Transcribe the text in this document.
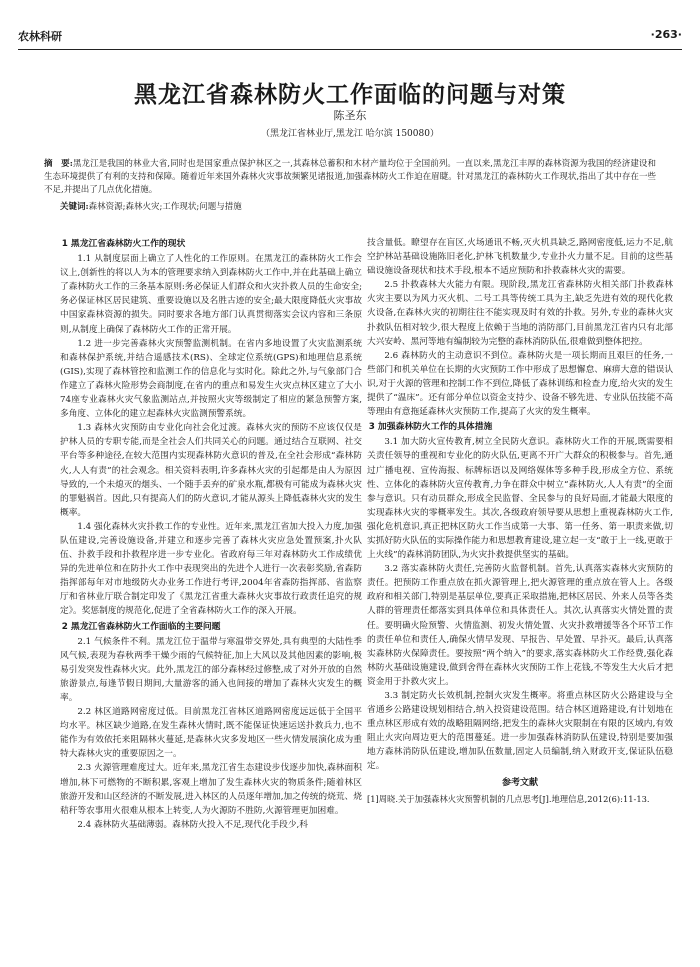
农林科研	·263·
黑龙江省森林防火工作面临的问题与对策
陈圣东
（黑龙江省林业厅,黑龙江 哈尔滨 150080）
摘　要:黑龙江是我国的林业大省,同时也是国家重点保护林区之一,其森林总蓄积和木材产量均位于全国前列。一直以来,黑龙江丰厚的森林资源为我国的经济建设和生态环境提供了有利的支持和保障。随着近年来国外森林火灾事故频繁见诸报道,加强森林防火工作迫在眉睫。针对黑龙江的森林防火工作现状,指出了其中存在一些不足,并提出了几点优化措施。
关键词:森林资源;森林火灾;工作现状;问题与措施
1 黑龙江省森林防火工作的现状

1.1 从制度层面上确立了人性化的工作原则。在黑龙江的森林防火工作会议上,创新性的将以人为本的管理要求纳入到森林防火工作中,并在此基础上确立了森林防火工作的三条基本原则:务必保证人们群众和火灾扑救人员的生命安全;务必保证林区居民建筑、重要设施以及名胜古迹的安全;最大限度降低火灾事故中国家森林资源的损失。同时要求各地方部门认真贯彻落实会议内容和三条原则,从制度上确保了森林防火工作的正常开展。

1.2 进一步完善森林火灾预警监测机制。在省内多地设置了火灾监测系统和森林保护系统,并结合遥感技术(RS)、全球定位系统(GPS)和地理信息系统(GIS),实现了森林管控和监测工作的信息化与实时化。除此之外,与气象部门合作建立了森林火险形势会商制度,在省内的重点和易发生火灾点林区建立了大小74座专业森林火灾气象监测站点,并按照火灾等级制定了相应的紧急预警方案,多角度、立体化的建立起森林火灾监测预警系统。

1.3 森林火灾预防由专业化向社会化过渡。森林火灾的预防不应该仅仅是护林人员的专职专能,而是全社会人们共同关心的问题。通过结合互联网、社交平台等多种途径,在较大范围内实现森林防火意识的普及,在全社会形成“森林防火,人人有责”的社会观念。相关资料表明,许多森林火灾的引起都是由人为原因导致的,一个未熄灭的烟头、一个随手丢弃的矿泉水瓶,都极有可能成为森林火灾的罪魁祸首。因此,只有提高人们的防火意识,才能从源头上降低森林火灾的发生概率。

1.4 强化森林火灾扑救工作的专业性。近年来,黑龙江省加大投入力度,加强队伍建设,完善设施设备,并建立和逐步完善了森林火灾应急处置预案,扑火队伍、扑救手段和扑救程序进一步专业化。省政府每三年对森林防火工作成绩优异的先进单位和在防扑火工作中表现突出的先进个人进行一次表彰奖励,省森防指挥部每年对市地级防火办业务工作进行考评,2004年省森防指挥部、省监察厅和省林业厅联合制定印发了《黑龙江省重大森林火灾事故行政责任追究的规定》。奖惩制度的规范化,促进了全省森林防火工作的深入开展。

2 黑龙江省森林防火工作面临的主要问题

2.1 气候条件不利。黑龙江位于温带与寒温带交界处,具有典型的大陆性季风气候,表现为春秋两季干燥少雨的气候特征,加上大风以及其他因素的影响,极易引发突发性森林火灾。此外,黑龙江的部分森林经过修整,成了对外开放的自然旅游景点,每逢节假日期间,大量游客的涌入也间接的增加了森林火灾发生的概率。

2.2 林区道路网密度过低。目前黑龙江省林区道路网密度远远低于全国平均水平。林区缺少道路,在发生森林火情时,既不能保证快速运送扑救兵力,也不能作为有效依托来阻隔林火蔓延,是森林火灾多发地区一些火情发展演化成为重特大森林火灾的重要原因之一。

2.3 火源管理难度过大。近年来,黑龙江省生态建设步伐逐步加快,森林面积增加,林下可燃物的不断积累,客观上增加了发生森林火灾的物质条件;随着林区旅游开发和山区经济的不断发展,进入林区的人员逐年增加,加之传统的烧荒、烧秸秆等农事用火很难从根本上转变,人为火源防不胜防,火源管理更加困难。

2.4 森林防火基础薄弱。森林防火投入不足,现代化手段少,科

技含量低。瞭望存在盲区,火场通讯不畅,灭火机具缺乏,路网密度低,运力不足,航空护林站基础设施陈旧老化,护林飞机数量少,专业扑火力量不足。目前的这些基础设施设备现状和技术手段,根本不适应预防和扑救森林火灾的需要。

2.5 扑救森林大火能力有限。现阶段,黑龙江省森林防火相关部门扑救森林火灾主要以为风力灭火机、二号工具等传统工具为主,缺乏先进有效的现代化救火设备,在森林火灾的初期往往不能实现及时有效的扑救。另外,专业的森林火灾扑救队伍相对较少,很大程度上依赖于当地的消防部门,目前黑龙江省内只有北部大兴安岭、黑河等地有编制较为完整的森林消防队伍,很难做到整体把控。

2.6 森林防火的主动意识不到位。森林防火是一项长期而且艰巨的任务,一些部门和机关单位在长期的火灾预防工作中形成了思想懈怠、麻痹大意的错误认识,对于火源的管理和控制工作不到位,降低了森林训练和检查力度,给火灾的发生提供了“温床”。还有部分单位以资金支持少、设备不够先进、专业队伍技能不高等理由有意拖延森林火灾预防工作,提高了火灾的发生概率。

3 加强森林防火工作的具体措施

3.1 加大防火宣传教育,树立全民防火意识。森林防火工作的开展,既需要相关责任领导的重视和专业化的防火队伍,更离不开广大群众的积极参与。首先,通过广播电视、宣传海报、标牌标语以及网络媒体等多种手段,形成全方位、系统性、立体化的森林防火宣传教育,力争在群众中树立“森林防火,人人有责”的全面参与意识。只有动员群众,形成全民监督、全民参与的良好局面,才能最大限度的实现森林火灾的零概率发生。其次,各级政府领导要从思想上重视森林防火工作,强化危机意识,真正把林区防火工作当成第一大事、第一任务、第一职责来做,切实抓好防火队伍的实际操作能力和思想教育建设,建立起一支“敢于上一线,更敢于上火线”的森林消防团队,为火灾扑救提供坚实的基础。

3.2 落实森林防火责任,完善防火监督机制。首先,认真落实森林火灾预防的责任。把预防工作重点放在抓火源管理上,把火源管理的重点放在管人上。各级政府和相关部门,特别是基层单位,要真正采取措施,把林区居民、外来人员等各类人群的管理责任都落实到具体单位和具体责任人。其次,认真落实火情处置的责任。要明确火险预警、火情监测、初发火情处置、火灾扑救增援等各个环节工作的责任单位和责任人,确保火情早发现、早报告、早处置、早扑灭。最后,认真落实森林防火保障责任。要按照“两个纳入”的要求,落实森林防火工作经费,强化森林防火基础设施建设,做到舍得在森林火灾预防工作上花钱,不等发生大火后才把资金用于扑救火灾上。

3.3 制定防火长效机制,控制火灾发生概率。将重点林区防火公路建设与全省通乡公路建设规划相结合,纳入投资建设范围。结合林区道路建设,有计划地在重点林区形成有效的战略阻隔网络,把发生的森林火灾限制在有限的区域内,有效阻止火灾向周边更大的范围蔓延。进一步加强森林消防队伍建设,特别是要加强地方森林消防队伍建设,增加队伍数量,固定人员编制,纳入财政开支,保证队伍稳定。

参考文献

[1]周晓.关于加强森林火灾预警机制的几点思考[J].地理信息,2012(6):11-13.
